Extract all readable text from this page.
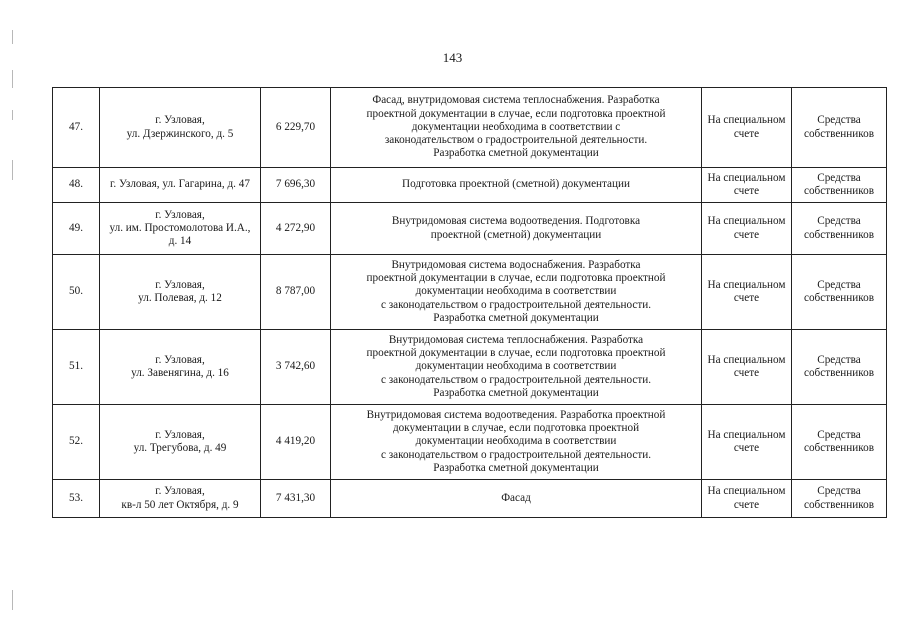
143
47.	г. Узловая,
ул. Дзержинского, д. 5	6 229,70	Фасад, внутридомовая система теплоснабжения. Разработка
проектной документации в случае, если подготовка проектной
документации необходима в соответствии с
законодательством о градостроительной деятельности.
Разработка сметной документации	На специальном
счете	Средства
собственников

48.	г. Узловая, ул. Гагарина, д. 47	7 696,30	Подготовка проектной (сметной) документации	На специальном
счете	Средства
собственников

49.	г. Узловая,
ул. им. Простомолотова И.А.,
д. 14	4 272,90	Внутридомовая система водоотведения. Подготовка
проектной (сметной) документации	На специальном
счете	Средства
собственников

50.	г. Узловая,
ул. Полевая, д. 12	8 787,00	Внутридомовая система водоснабжения. Разработка
проектной документации в случае, если подготовка проектной
документации необходима в соответствии
с законодательством о градостроительной деятельности.
Разработка сметной документации	На специальном
счете	Средства
собственников

51.	г. Узловая,
ул. Завенягина, д. 16	3 742,60	Внутридомовая система теплоснабжения. Разработка
проектной документации в случае, если подготовка проектной
документации необходима в соответствии
с законодательством о градостроительной деятельности.
Разработка сметной документации	На специальном
счете	Средства
собственников

52.	г. Узловая,
ул. Трегубова, д. 49	4 419,20	Внутридомовая система водоотведения. Разработка проектной
документации в случае, если подготовка проектной
документации необходима в соответствии
с законодательством о градостроительной деятельности.
Разработка сметной документации	На специальном
счете	Средства
собственников

53.	г. Узловая,
кв-л 50 лет Октября, д. 9	7 431,30	Фасад	На специальном
счете	Средства
собственников
